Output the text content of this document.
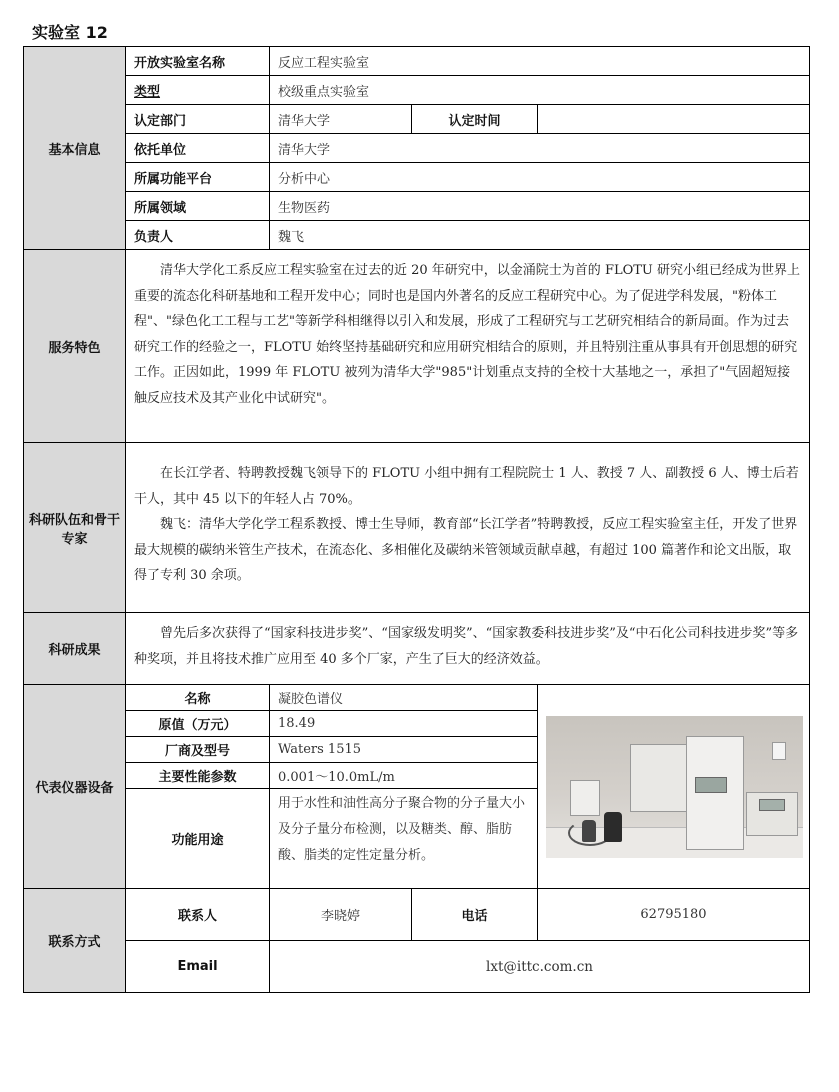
实验室 12
基本信息	开放实验室名称	反应工程实验室		
	类型	校级重点实验室		
	认定部门	清华大学	认定时间	
	依托单位	清华大学		
	所属功能平台	分析中心		
	所属领域	生物医药		
	负责人	魏飞		
服务特色	清华大学化工系反应工程实验室在过去的近 20 年研究中，以金涌院士为首的 FLOTU 研究小组已经成为世界上重要的流态化科研基地和工程开发中心；同时也是国内外著名的反应工程研究中心。为了促进学科发展，"粉体工程"、"绿色化工工程与工艺"等新学科相继得以引入和发展，形成了工程研究与工艺研究相结合的新局面。作为过去研究工作的经验之一，FLOTU 始终坚持基础研究和应用研究相结合的原则，并且特别注重从事具有开创思想的研究工作。正因如此，1999 年 FLOTU 被列为清华大学"985"计划重点支持的全校十大基地之一，承担了"气固超短接触反应技术及其产业化中试研究"。			

科研队伍和骨干专家	在长江学者、特聘教授魏飞领导下的 FLOTU 小组中拥有工程院院士 1 人、教授 7 人、副教授 6 人、博士后若干人，其中 45 以下的年轻人占 70%。

魏飞：清华大学化学工程系教授、博士生导师，教育部“长江学者”特聘教授，反应工程实验室主任，开发了世界最大规模的碳纳米管生产技术，在流态化、多相催化及碳纳米管领域贡献卓越，有超过 100 篇著作和论文出版，取得了专利 30 余项。			

科研成果	曾先后多次获得了“国家科技进步奖”、“国家级发明奖”、“国家教委科技进步奖”及“中石化公司科技进步奖”等多种奖项，并且将技术推广应用至 40 多个厂家，产生了巨大的经济效益。			

代表仪器设备	名称	凝胶色谱仪		

	原值（万元）	18.49		
	厂商及型号	Waters 1515		
	主要性能参数	0.001～10.0mL/m		
	功能用途	用于水性和油性高分子聚合物的分子量大小及分子量分布检测，以及糖类、醇、脂肪酸、脂类的定性定量分析。		
联系方式	联系人	李晓婷	电话	62795180
	Email	lxt@ittc.com.cn		
